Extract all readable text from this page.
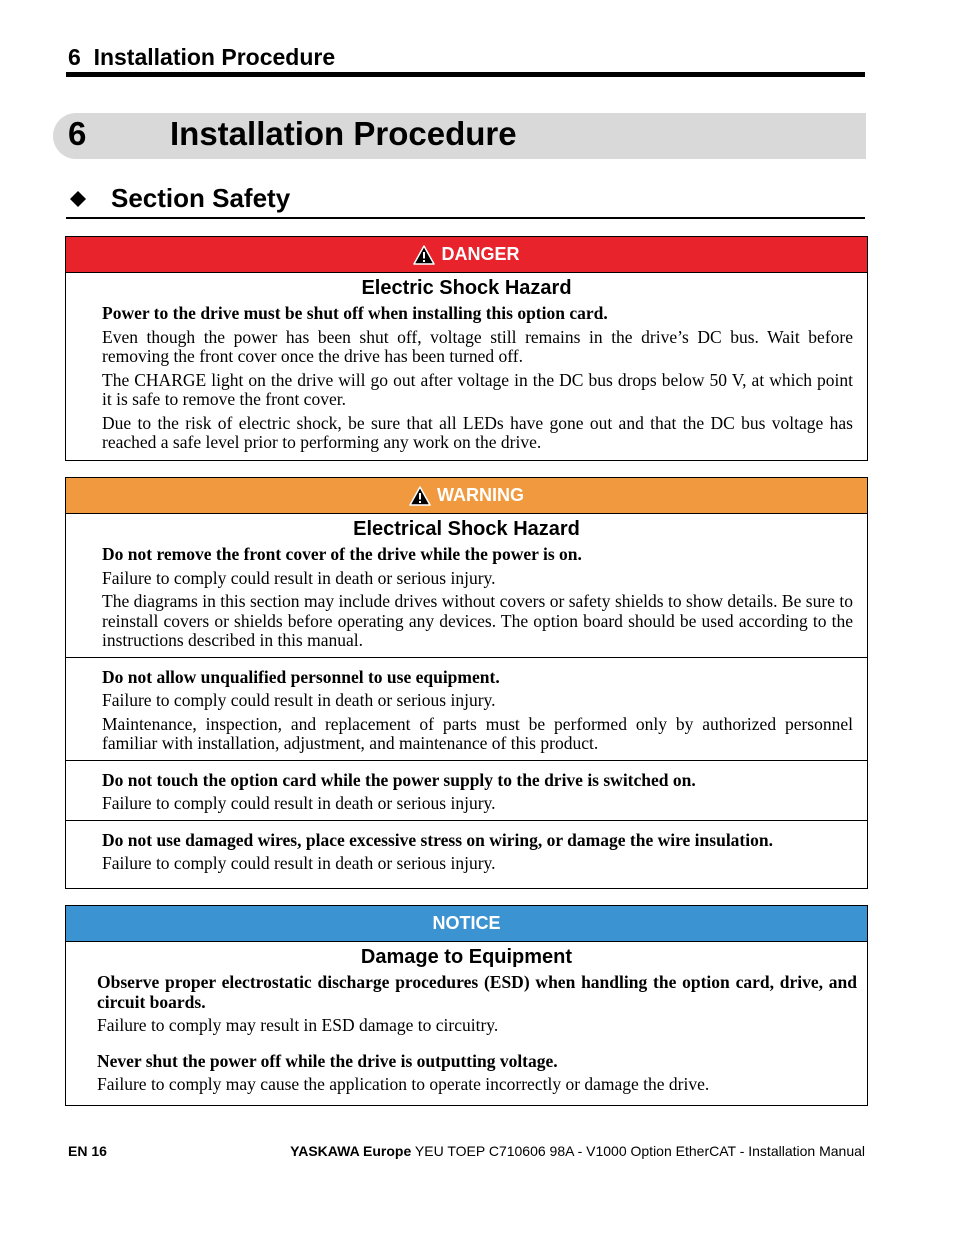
6  Installation Procedure
6	Installation Procedure
Section Safety
DANGER
Electric Shock Hazard
Power to the drive must be shut off when installing this option card.
Even though the power has been shut off, voltage still remains in the drive’s DC bus. Wait before removing the front cover once the drive has been turned off.
The CHARGE light on the drive will go out after voltage in the DC bus drops below 50 V, at which point it is safe to remove the front cover.
Due to the risk of electric shock, be sure that all LEDs have gone out and that the DC bus voltage has reached a safe level prior to performing any work on the drive.
WARNING
Electrical Shock Hazard
Do not remove the front cover of the drive while the power is on.
Failure to comply could result in death or serious injury.
The diagrams in this section may include drives without covers or safety shields to show details. Be sure to reinstall covers or shields before operating any devices. The option board should be used according to the instructions described in this manual.
Do not allow unqualified personnel to use equipment.
Failure to comply could result in death or serious injury.
Maintenance, inspection, and replacement of parts must be performed only by authorized personnel familiar with installation, adjustment, and maintenance of this product.
Do not touch the option card while the power supply to the drive is switched on.
Failure to comply could result in death or serious injury.
Do not use damaged wires, place excessive stress on wiring, or damage the wire insulation.
Failure to comply could result in death or serious injury.
NOTICE
Damage to Equipment
Observe proper electrostatic discharge procedures (ESD) when handling the option card, drive, and circuit boards.
Failure to comply may result in ESD damage to circuitry.
Never shut the power off while the drive is outputting voltage.
Failure to comply may cause the application to operate incorrectly or damage the drive.
EN 16	YASKAWA Europe YEU TOEP C710606 98A - V1000 Option EtherCAT - Installation Manual
